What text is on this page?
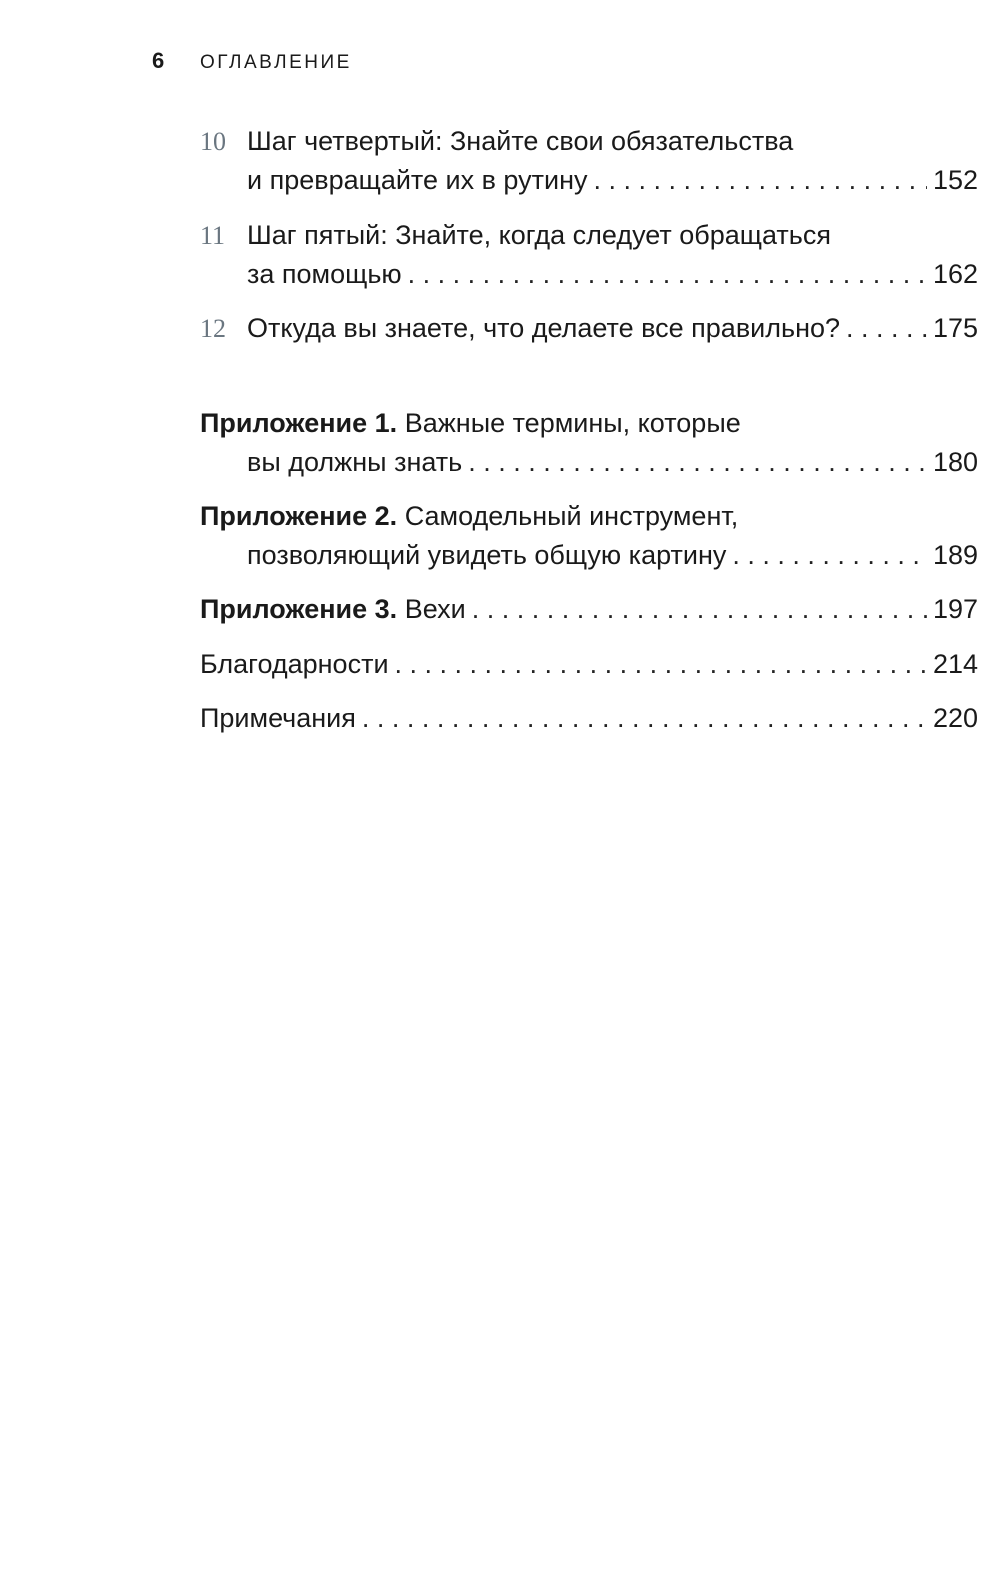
6	ОГЛАВЛЕНИЕ
10 Шаг четвертый: Знайте свои обязательства
и превращайте их в рутину . . .	152
11 Шаг пятый: Знайте, когда следует обращаться
за помощью . . .	162
12 Откуда вы знаете, что делаете все правильно? . . .	175
Приложение 1.
Важные термины, которые
вы должны знать . . .	180
Приложение 2.
Самодельный инструмент,
позволяющий увидеть общую картину . . .	189
Приложение 3.
Вехи . . .	197
Благодарности . . .	214
Примечания . . .	220
